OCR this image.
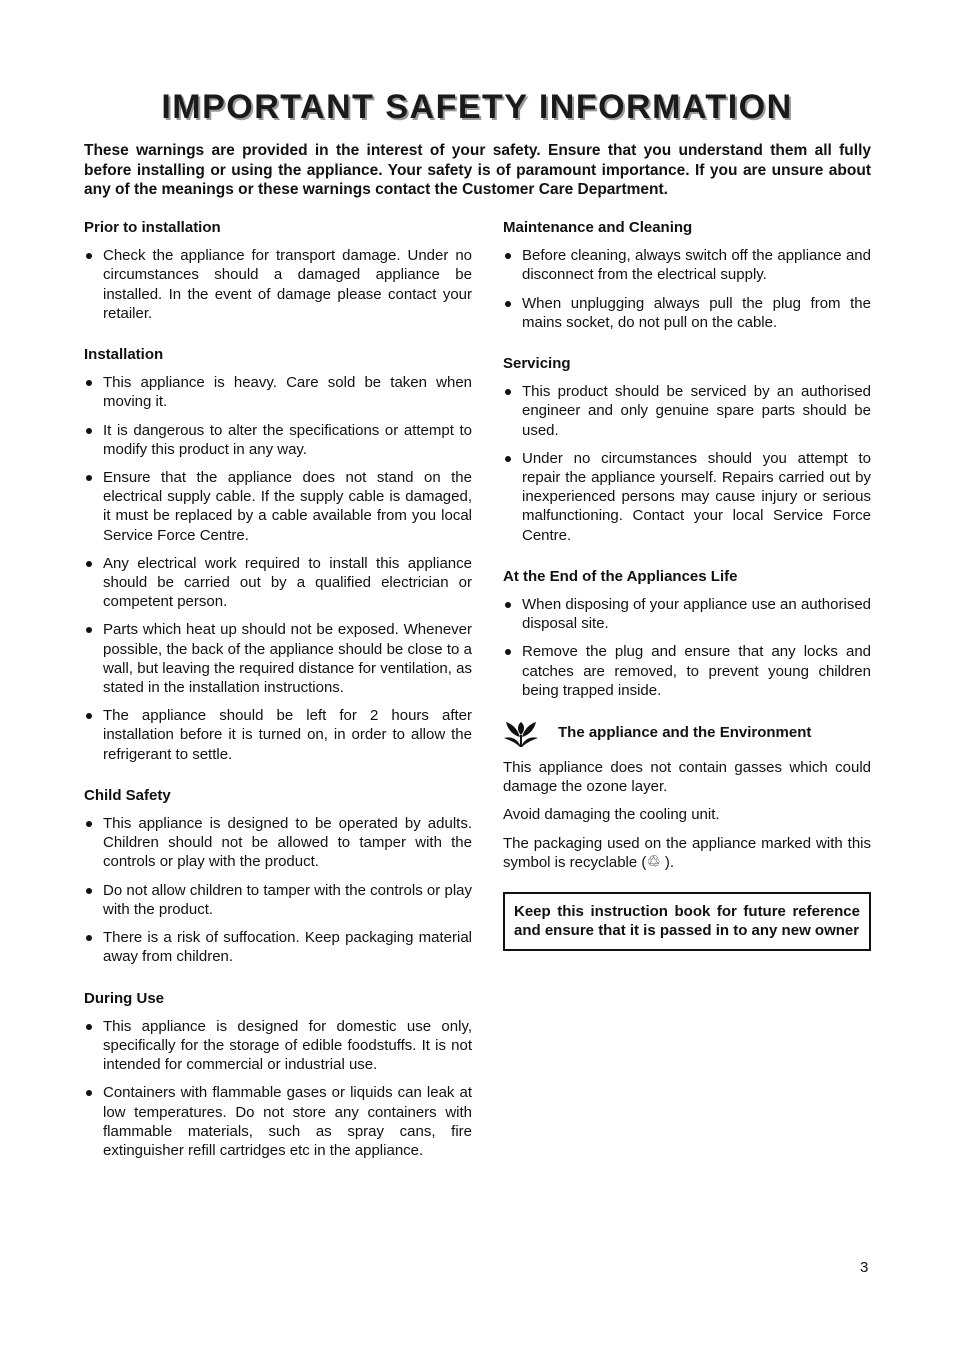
IMPORTANT SAFETY INFORMATION
These warnings are provided in the interest of your safety. Ensure that you understand them all fully before installing or using the appliance. Your safety is of paramount importance. If you are unsure about any of the meanings or these warnings contact the Customer Care Department.
Prior to installation
Check the appliance for transport damage. Under no circumstances should a damaged appliance be installed. In the event of damage please contact your retailer.
Installation
This appliance is heavy. Care sold be taken when moving it.
It is dangerous to alter the specifications or attempt to modify this product in any way.
Ensure that the appliance does not stand on the electrical supply cable. If the supply cable is damaged, it must be replaced by a cable available from you local Service Force Centre.
Any electrical work required to install this appliance should be carried out by a qualified electrician or competent person.
Parts which heat up should not be exposed. Whenever possible, the back of the appliance should be close to a wall, but leaving the required distance for ventilation, as stated in the installation instructions.
The appliance should be left for 2 hours after installation before it is turned on, in order to allow the refrigerant to settle.
Child Safety
This appliance is designed to be operated by adults. Children should not be allowed to tamper with the controls or play with the product.
Do not allow children to tamper with the controls or play with the product.
There is a risk of suffocation. Keep packaging material away from children.
During Use
This appliance is designed for domestic use only, specifically for the storage of edible foodstuffs. It is not intended for commercial or industrial use.
Containers with flammable gases or liquids can leak at low temperatures. Do not store any containers with flammable materials, such as spray cans, fire extinguisher refill cartridges etc in the appliance.
Maintenance and Cleaning
Before cleaning, always switch off the appliance and disconnect from the electrical supply.
When unplugging always pull the plug from the mains socket, do not pull on the cable.
Servicing
This product should be serviced by an authorised engineer and only genuine spare parts should be used.
Under no circumstances should you attempt to repair the appliance yourself. Repairs carried out by inexperienced persons may cause injury or serious malfunctioning. Contact your local Service Force Centre.
At the End of the Appliances Life
When disposing of your appliance use an authorised disposal site.
Remove the plug and ensure that any locks and catches are removed, to prevent young children being trapped inside.
The appliance and the Environment

This appliance does not contain gasses which could damage the ozone layer.

Avoid damaging the cooling unit.

The packaging used on the appliance marked with this symbol is recyclable (♲ ).

Keep this instruction book for future reference and ensure that it is passed in to any new owner
3
